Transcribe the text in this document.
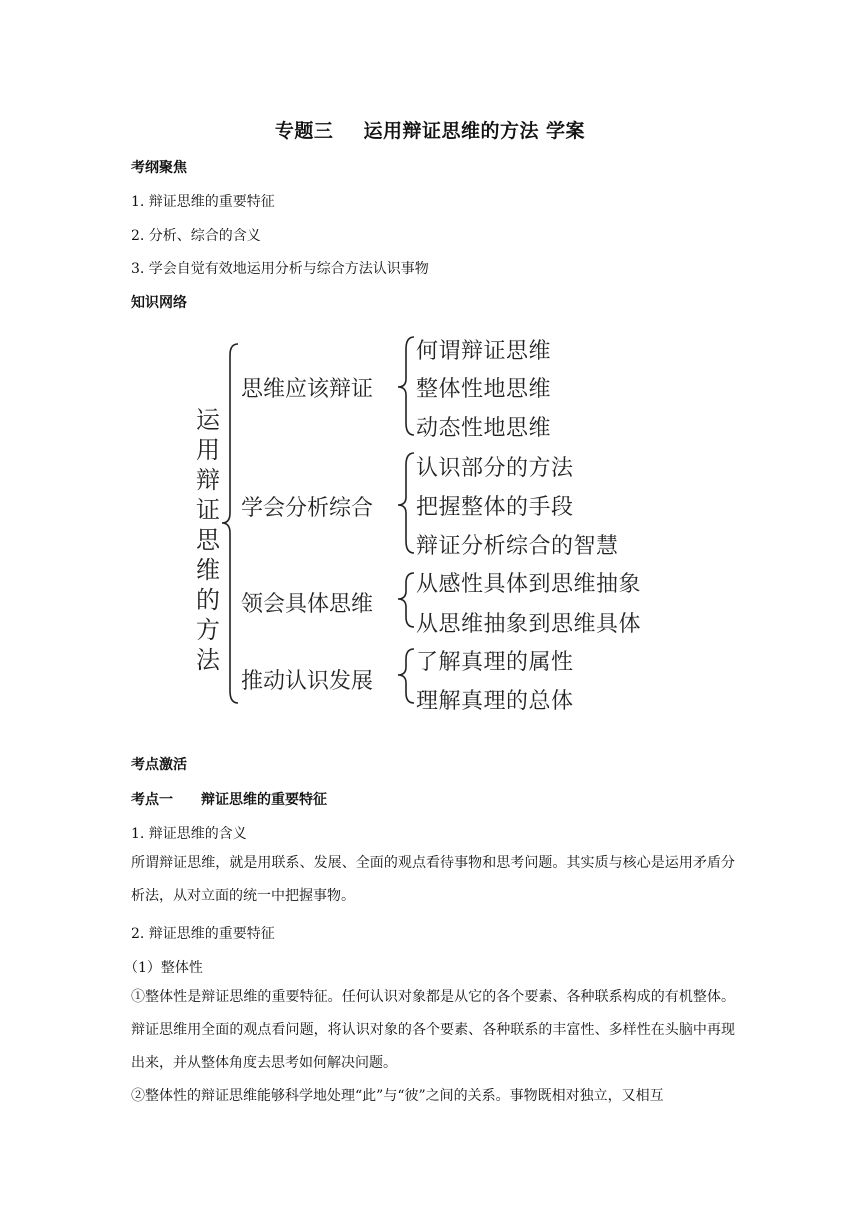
专题三 运用辩证思维的方法 学案
考纲聚焦
1. 辩证思维的重要特征
2. 分析、综合的含义
3. 学会自觉有效地运用分析与综合方法认识事物
知识网络
运
用
辩
证
思
维
的
方
法
思维应该辩证
学会分析综合
领会具体思维
推动认识发展
何谓辩证思维
整体性地思维
动态性地思维
认识部分的方法
把握整体的手段
辩证分析综合的智慧
从感性具体到思维抽象
从思维抽象到思维具体
了解真理的属性
理解真理的总体
考点激活
考点一　　辩证思维的重要特征
1. 辩证思维的含义

所谓辩证思维，就是用联系、发展、全面的观点看待事物和思考问题。其实质与核心是运用矛盾分析法，从对立面的统一中把握事物。

2. 辩证思维的重要特征
（1）整体性

①整体性是辩证思维的重要特征。任何认识对象都是从它的各个要素、各种联系构成的有机整体。辩证思维用全面的观点看问题，将认识对象的各个要素、各种联系的丰富性、多样性在头脑中再现出来，并从整体角度去思考如何解决问题。

②整体性的辩证思维能够科学地处理“此”与“彼”之间的关系。事物既相对独立，又相互
